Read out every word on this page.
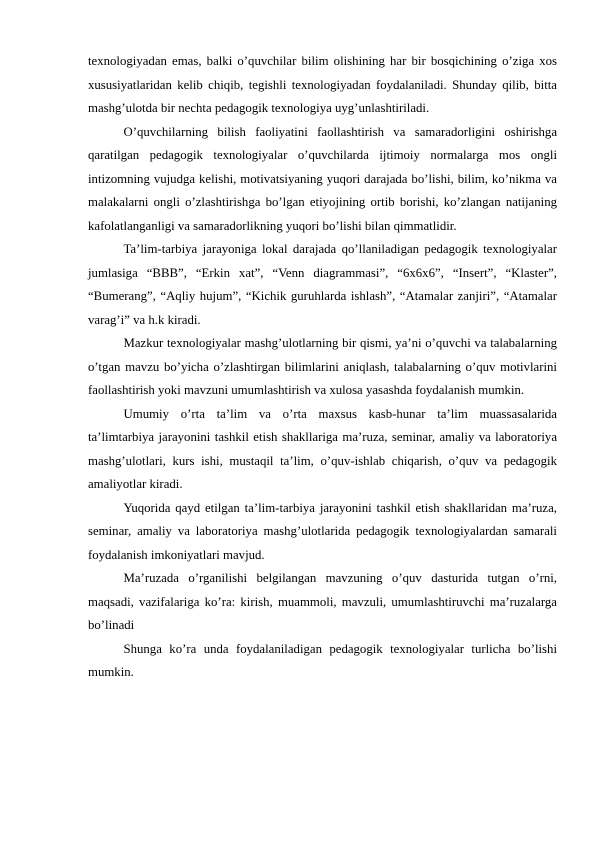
texnologiyadan emas, balki o’quvchilar bilim olishining har bir bosqichining o’ziga xos xususiyatlaridan kelib chiqib, tegishli texnologiyadan foydalaniladi. Shunday qilib, bitta mashg’ulotda bir nechta pedagogik texnologiya uyg’unlashtiriladi.

O’quvchilarning bilish faoliyatini faollashtirish va samaradorligini oshirishga qaratilgan pedagogik texnologiyalar o’quvchilarda ijtimoiy normalarga mos ongli intizomning vujudga kelishi, motivatsiyaning yuqori darajada bo’lishi, bilim, ko’nikma va malakalarni ongli o’zlashtirishga bo’lgan etiyojining ortib borishi, ko’zlangan natijaning kafolatlanganligi va samaradorlikning yuqori bo’lishi bilan qimmatlidir.

Ta’lim-tarbiya jarayoniga lokal darajada qo’llaniladigan pedagogik texnologiyalar jumlasiga “BBB”, “Erkin xat”, “Venn diagrammasi”, “6x6x6”, “Insert”, “Klaster”, “Bumerang”, “Aqliy hujum”, “Kichik guruhlarda ishlash”, “Atamalar zanjiri”, “Atamalar varag’i” va h.k kiradi.

Mazkur texnologiyalar mashg’ulotlarning bir qismi, ya’ni o’quvchi va talabalarning o’tgan mavzu bo’yicha o’zlashtirgan bilimlarini aniqlash, talabalarning o’quv motivlarini faollashtirish yoki mavzuni umumlashtirish va xulosa yasashda foydalanish mumkin.

Umumiy o’rta ta’lim va o’rta maxsus kasb-hunar ta’lim muassasalarida ta’limtarbiya jarayonini tashkil etish shakllariga ma’ruza, seminar, amaliy va laboratoriya mashg’ulotlari, kurs ishi, mustaqil ta’lim, o’quv-ishlab chiqarish, o’quv va pedagogik amaliyotlar kiradi.

Yuqorida qayd etilgan ta’lim-tarbiya jarayonini tashkil etish shakllaridan ma’ruza, seminar, amaliy va laboratoriya mashg’ulotlarida pedagogik texnologiyalardan samarali foydalanish imkoniyatlari mavjud.

Ma’ruzada o’rganilishi belgilangan mavzuning o’quv dasturida tutgan o’rni, maqsadi, vazifalariga ko’ra: kirish, muammoli, mavzuli, umumlashtiruvchi ma’ruzalarga bo’linadi

Shunga ko’ra unda foydalaniladigan pedagogik texnologiyalar turlicha bo’lishi mumkin.
